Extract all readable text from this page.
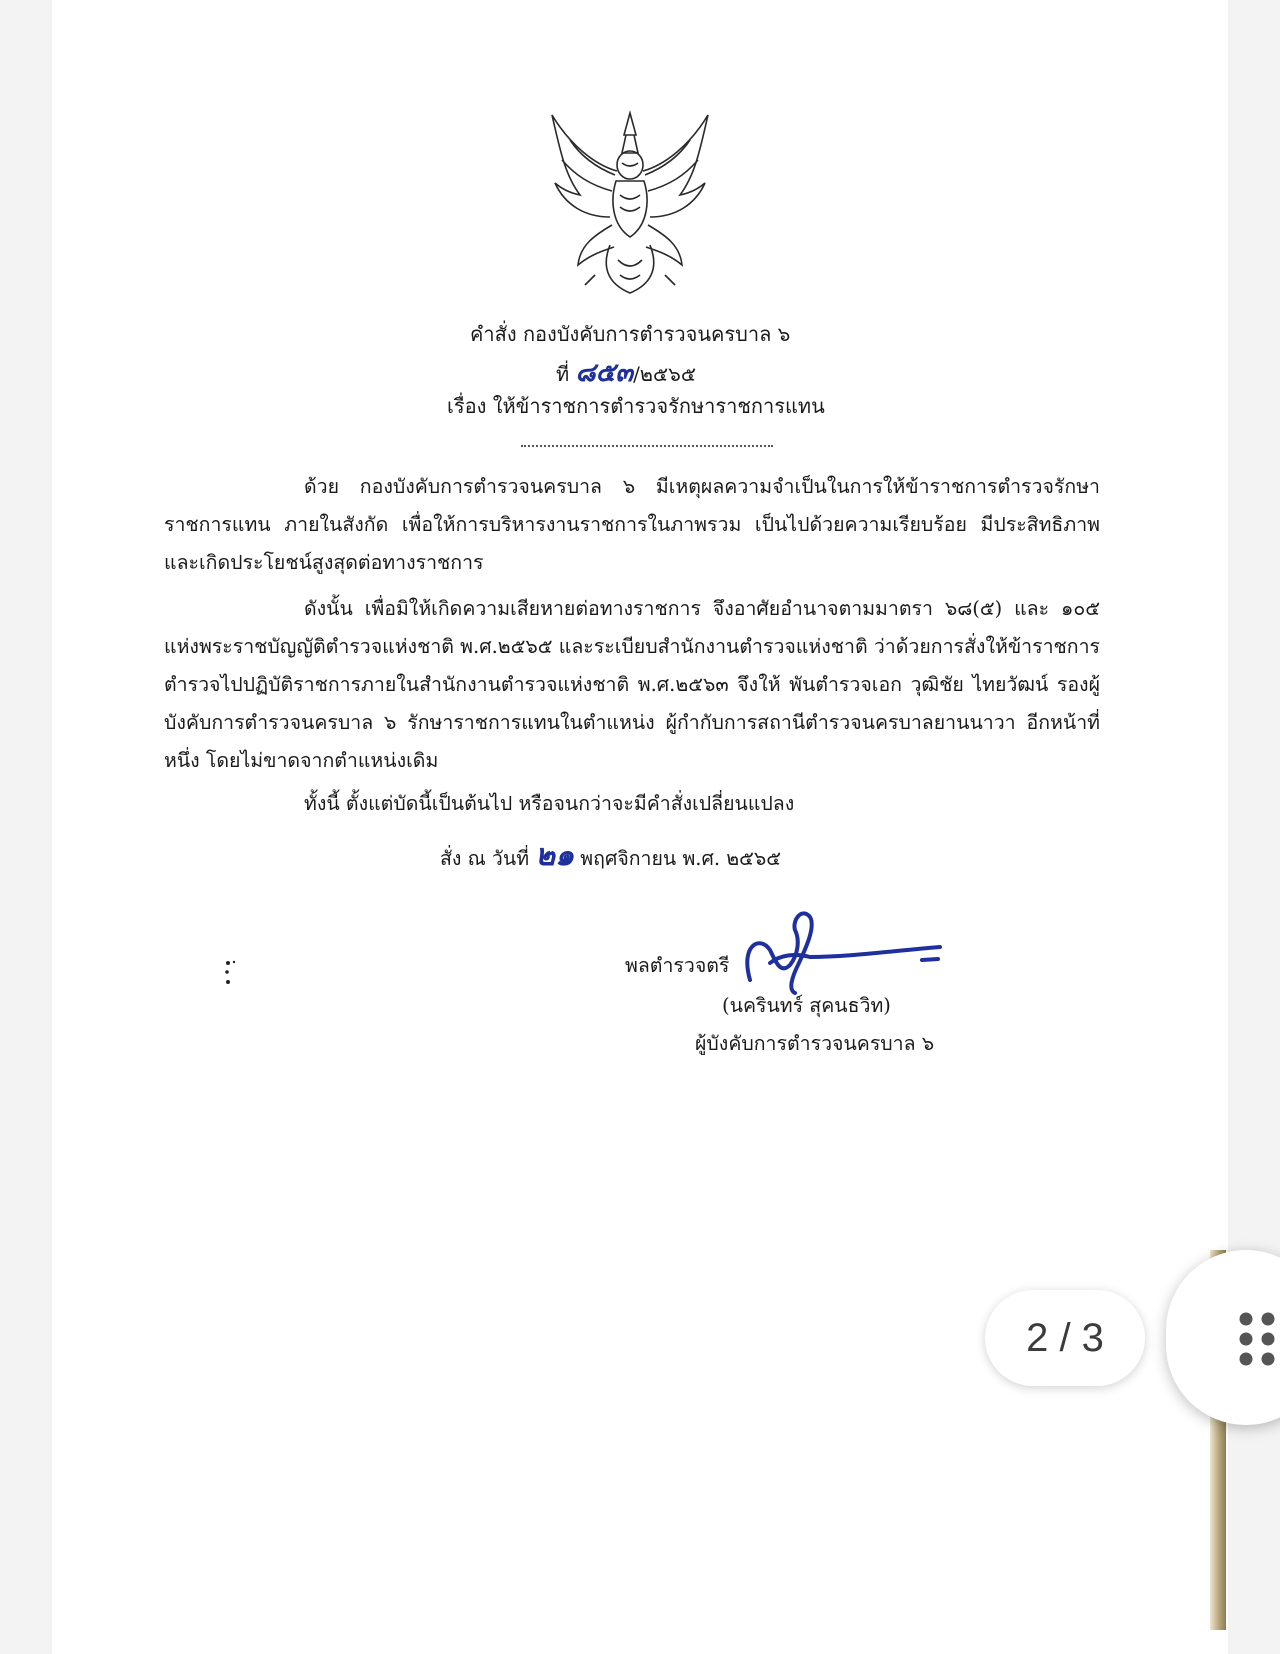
คำสั่ง กองบังคับการตำรวจนครบาล ๖
ที่ ๘๕๓/๒๕๖๕
เรื่อง ให้ข้าราชการตำรวจรักษาราชการแทน
ด้วย กองบังคับการตำรวจนครบาล ๖ มีเหตุผลความจำเป็นในการให้ข้าราชการตำรวจรักษาราชการแทน ภายในสังกัด เพื่อให้การบริหารงานราชการในภาพรวม เป็นไปด้วยความเรียบร้อย มีประสิทธิภาพ และเกิดประโยชน์สูงสุดต่อทางราชการ
ดังนั้น เพื่อมิให้เกิดความเสียหายต่อทางราชการ จึงอาศัยอำนาจตามมาตรา ๖๘(๕) และ ๑๐๕ แห่งพระราชบัญญัติตำรวจแห่งชาติ พ.ศ.๒๕๖๕ และระเบียบสำนักงานตำรวจแห่งชาติ ว่าด้วยการสั่งให้ข้าราชการตำรวจไปปฏิบัติราชการภายในสำนักงานตำรวจแห่งชาติ พ.ศ.๒๕๖๓ จึงให้ พันตำรวจเอก วุฒิชัย ไทยวัฒน์ รองผู้บังคับการตำรวจนครบาล ๖ รักษาราชการแทนในตำแหน่ง ผู้กำกับการสถานีตำรวจนครบาลยานนาวา อีกหน้าที่หนึ่ง โดยไม่ขาดจากตำแหน่งเดิม
ทั้งนี้ ตั้งแต่บัดนี้เป็นต้นไป หรือจนกว่าจะมีคำสั่งเปลี่ยนแปลง
สั่ง ณ วันที่ ๒๑ พฤศจิกายน พ.ศ. ๒๕๖๕
พลตำรวจตรี
(นครินทร์ สุคนธวิท)
ผู้บังคับการตำรวจนครบาล ๖
2 / 3
